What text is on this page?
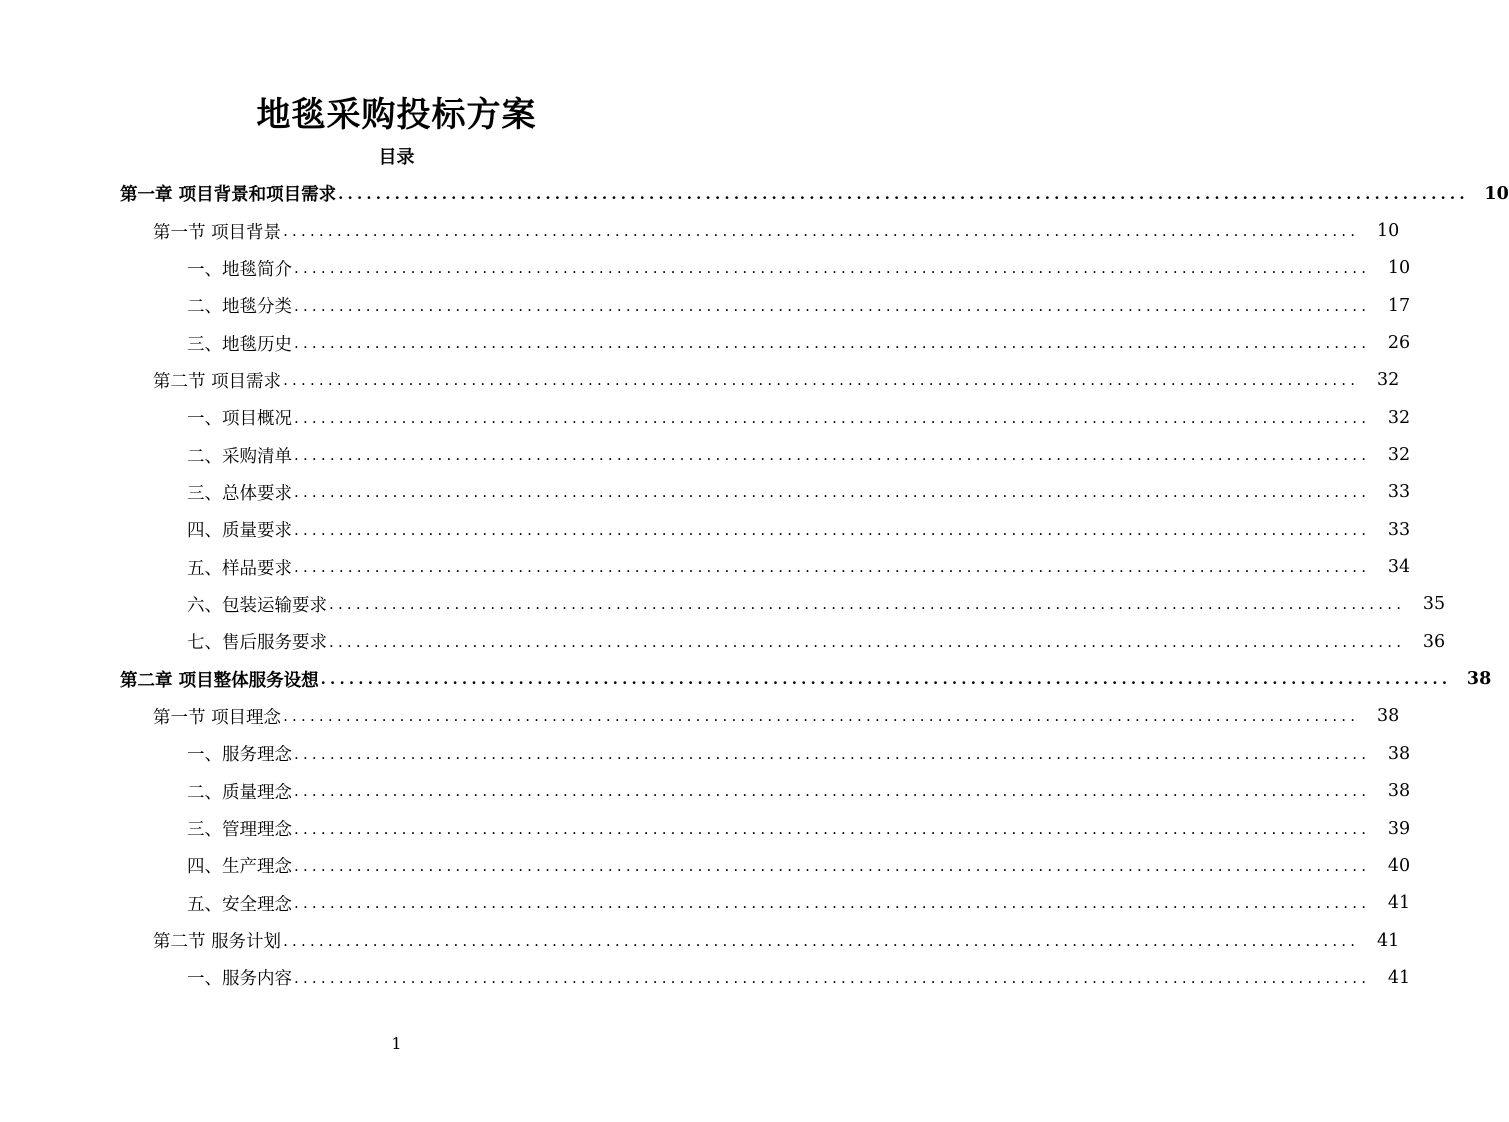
地毯采购投标方案
目录
第一章 项目背景和项目需求 ........................................................................................................................ 10
第一节 项目背景 ........................................................................................................................	10
一、地毯简介 ........................................................................................................................	10
二、地毯分类 ........................................................................................................................	17
三、地毯历史 ........................................................................................................................	26
第二节 项目需求 ........................................................................................................................	32
一、项目概况 ........................................................................................................................	32
二、采购清单 ........................................................................................................................	32
三、总体要求 ........................................................................................................................	33
四、质量要求 ........................................................................................................................	33
五、样品要求 ........................................................................................................................	34
六、包装运输要求 ........................................................................................................................	35
七、售后服务要求 ........................................................................................................................	36
第二章 项目整体服务设想 ........................................................................................................................ 38
第一节 项目理念 ........................................................................................................................	38
一、服务理念 ........................................................................................................................	38
二、质量理念 ........................................................................................................................	38
三、管理理念 ........................................................................................................................	39
四、生产理念 ........................................................................................................................	40
五、安全理念 ........................................................................................................................	41
第二节 服务计划 ........................................................................................................................	41
一、服务内容 ........................................................................................................................	41
1
